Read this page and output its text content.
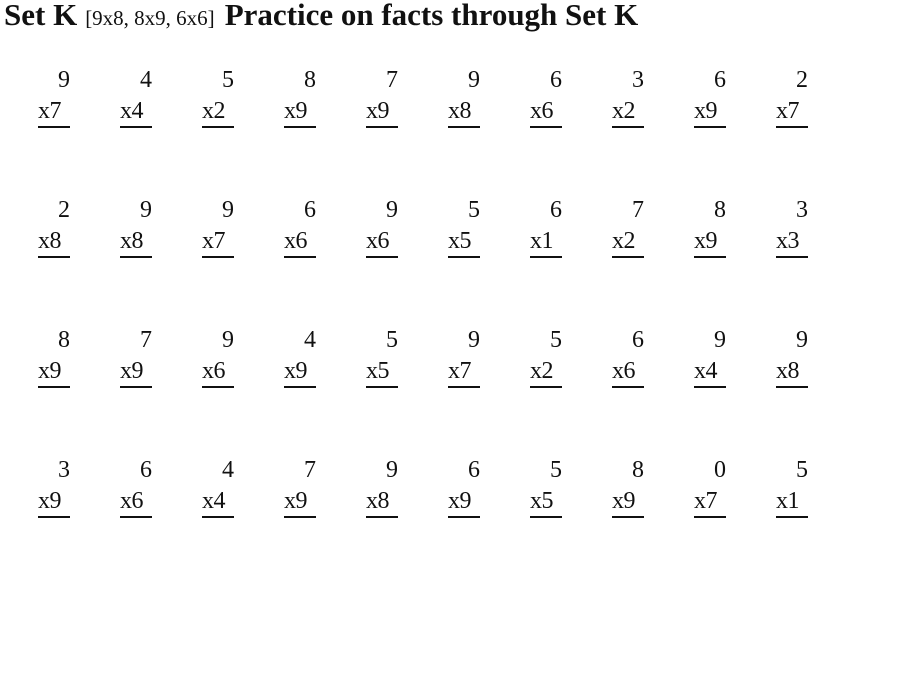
Set K [9x8, 8x9, 6x6] Practice on facts through Set K
9
x7
4
x4
5
x2
8
x9
7
x9
9
x8
6
x6
3
x2
6
x9
2
x7
2
x8
9
x8
9
x7
6
x6
9
x6
5
x5
6
x1
7
x2
8
x9
3
x3
8
x9
7
x9
9
x6
4
x9
5
x5
9
x7
5
x2
6
x6
9
x4
9
x8
3
x9
6
x6
4
x4
7
x9
9
x8
6
x9
5
x5
8
x9
0
x7
5
x1
